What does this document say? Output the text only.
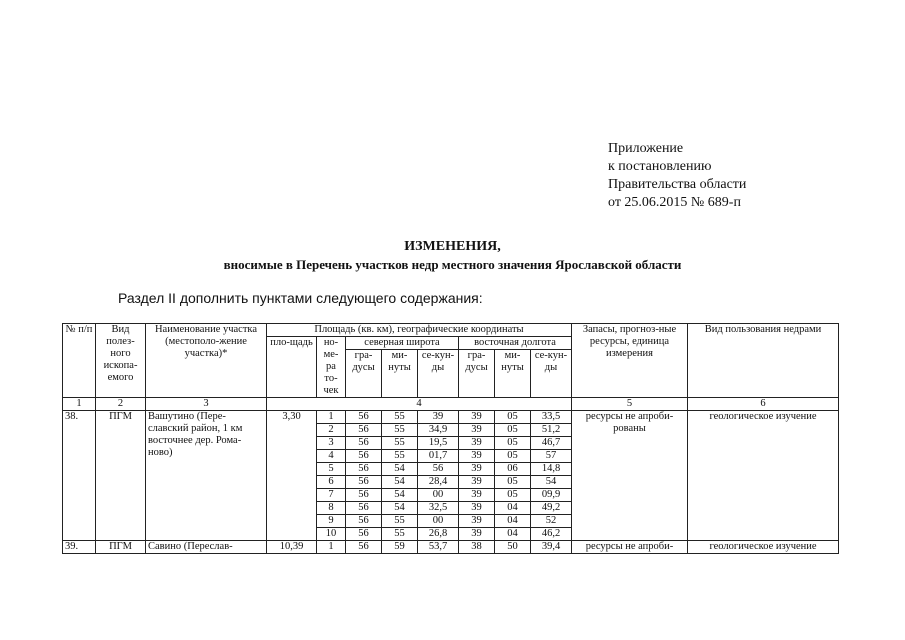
Приложение
к постановлению
Правительства области
от 25.06.2015 № 689-п
ИЗМЕНЕНИЯ,
вносимые в Перечень участков недр местного значения Ярославской области
Раздел II дополнить пунктами следующего содержания:
№ п/п	Вид полез-ного ископа-емого	Наименование участка (местополо-жение участка)*	Площадь (кв. км), географические координаты								Запасы, прогноз-ные ресурсы, единица измерения	Вид пользования недрами
			пло-щадь	но-ме-ра то-чек	северная широта			восточная долгота				
					гра-дусы	ми-нуты	се-кун-ды	гра-дусы	ми-нуты	се-кун-ды		

1	2	3	4								5	6
38.	ПГМ	Вашутино (Пере-славский район, 1 км восточнее дер. Рома-ново)	3,30	1	56	55	39	39	05	33,5	ресурсы не апроби-рованы	геологическое изучение
				2	56	55	34,9	39	05	51,2		
				3	56	55	19,5	39	05	46,7		
				4	56	55	01,7	39	05	57		
				5	56	54	56	39	06	14,8		
				6	56	54	28,4	39	05	54		
				7	56	54	00	39	05	09,9		
				8	56	54	32,5	39	04	49,2		
				9	56	55	00	39	04	52		
				10	56	55	26,8	39	04	46,2		
39.	ПГМ	Савино (Переслав-	10,39	1	56	59	53,7	38	50	39,4	ресурсы не апроби-	геологическое изучение
